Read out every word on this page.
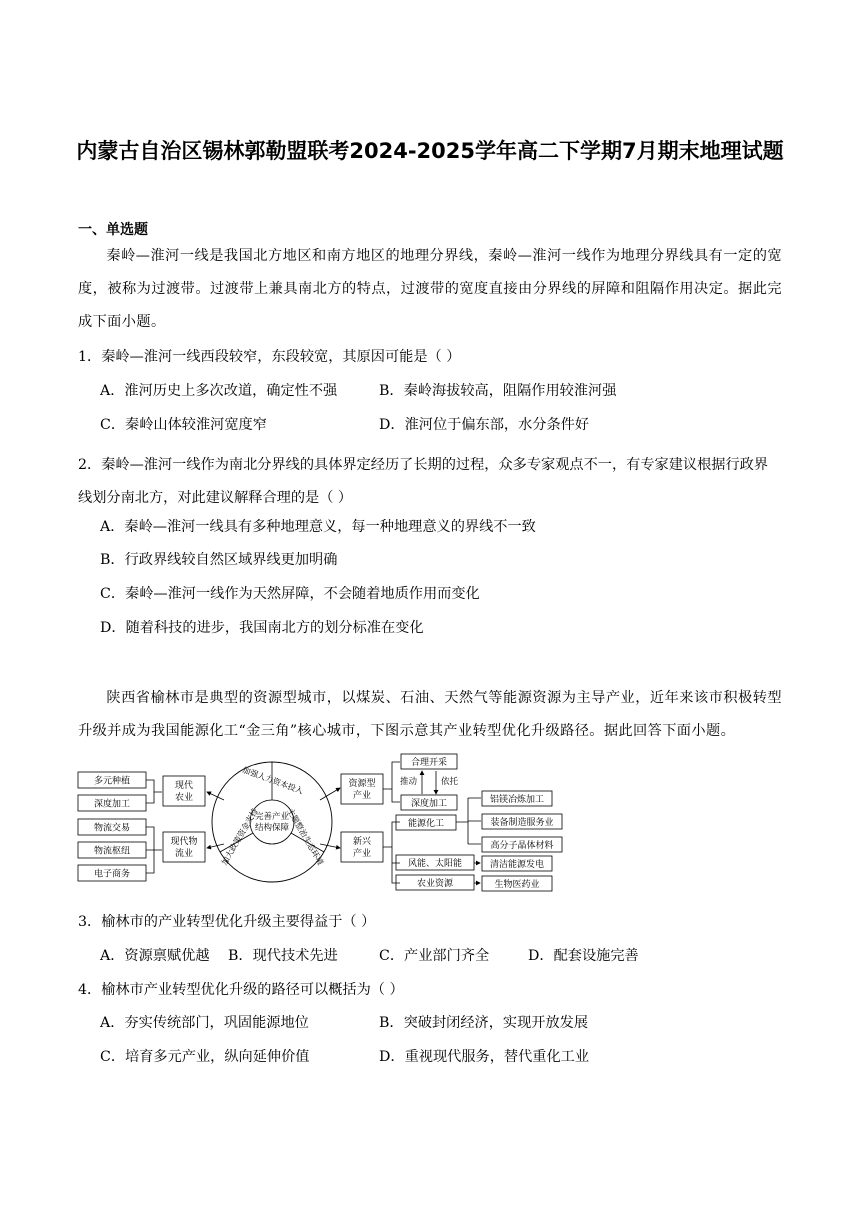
内蒙古自治区锡林郭勒盟联考2024-2025学年高二下学期7月期末地理试题
一、单选题
秦岭—淮河一线是我国北方地区和南方地区的地理分界线，秦岭—淮河一线作为地理分界线具有一定的宽度，被称为过渡带。过渡带上兼具南北方的特点，过渡带的宽度直接由分界线的屏障和阻隔作用决定。据此完成下面小题。
1．秦岭—淮河一线西段较窄，东段较宽，其原因可能是（ ）
A．淮河历史上多次改道，确定性不强	B．秦岭海拔较高，阻隔作用较淮河强
C．秦岭山体较淮河宽度窄	D．淮河位于偏东部，水分条件好
2．秦岭—淮河一线作为南北分界线的具体界定经历了长期的过程，众多专家观点不一，有专家建议根据行政界线划分南北方，对此建议解释合理的是（ ）
A．秦岭—淮河一线具有多种地理意义，每一种地理意义的界线不一致
B．行政界线较自然区域界线更加明确
C．秦岭—淮河一线作为天然屏障，不会随着地质作用而变化
D．随着科技的进步，我国南北方的划分标准在变化
陕西省榆林市是典型的资源型城市，以煤炭、石油、天然气等能源资源为主导产业，近年来该市积极转型升级并成为我国能源化工“金三角”核心城市，下图示意其产业转型优化升级路径。据此回答下面小题。
多元种植
深度加工
物流交易
物流枢纽
电子商务
现代
农业
现代物
流业
完善产业
结构保障
加强人力资本投入
加大政策资金支持	主题整治生态环境
资源型
产业
新兴
产业
合理开采
推动	依托
深度加工
能源化工
风能、太阳能
农业资源
铝镁冶炼加工
装备制造服务业
高分子晶体材料
清洁能源发电
生物医药业
3．榆林市的产业转型优化升级主要得益于（ ）
A．资源禀赋优越 B．现代技术先进	C．产业部门齐全	D．配套设施完善
4．榆林市产业转型优化升级的路径可以概括为（ ）
A．夯实传统部门，巩固能源地位	B．突破封闭经济，实现开放发展
C．培育多元产业，纵向延伸价值	D．重视现代服务，替代重化工业
